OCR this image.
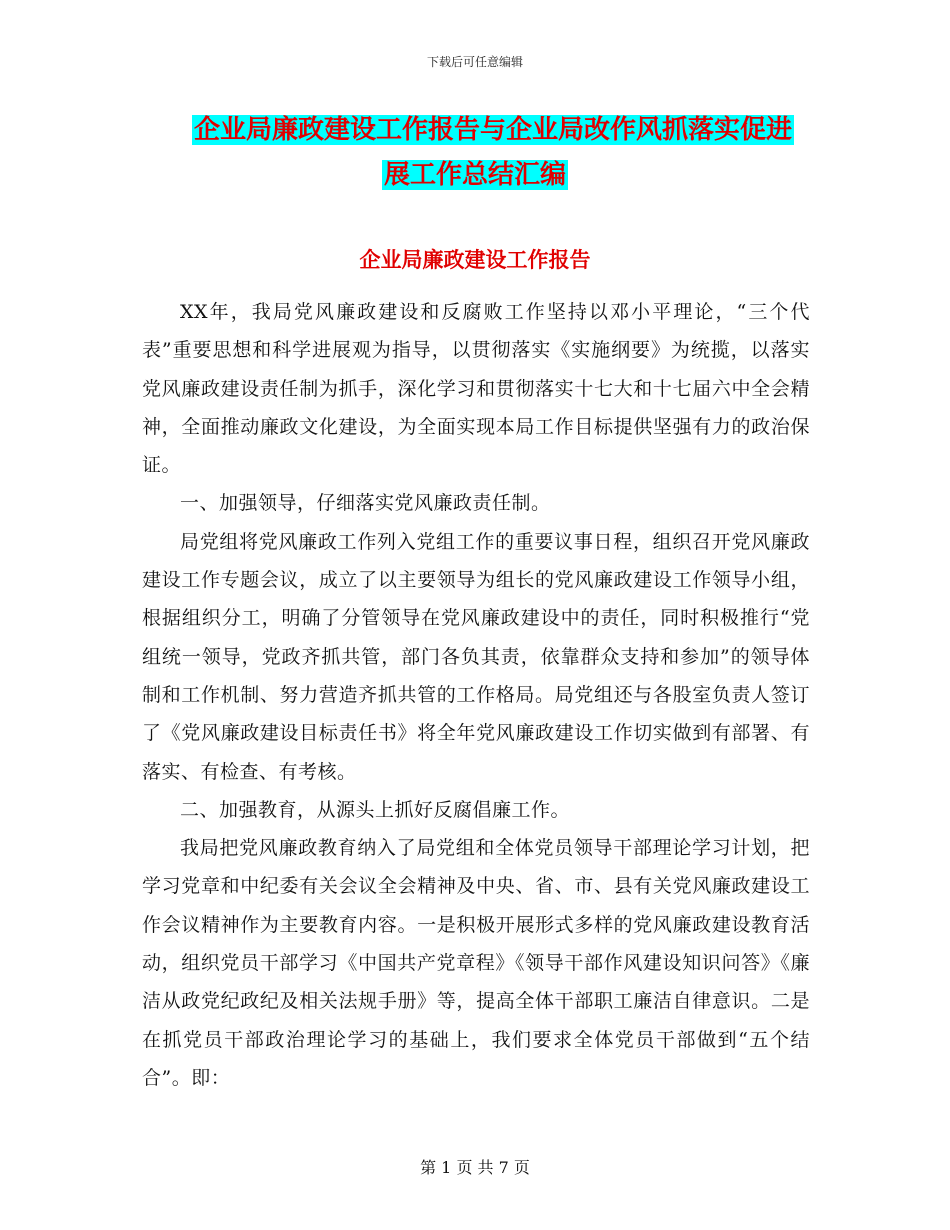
下载后可任意编辑
企业局廉政建设工作报告与企业局改作风抓落实促进
展工作总结汇编
企业局廉政建设工作报告

XX年，我局党风廉政建设和反腐败工作坚持以邓小平理论，“三个代表”重要思想和科学进展观为指导，以贯彻落实《实施纲要》为统揽，以落实党风廉政建设责任制为抓手，深化学习和贯彻落实十七大和十七届六中全会精神，全面推动廉政文化建设，为全面实现本局工作目标提供坚强有力的政治保证。

一、加强领导，仔细落实党风廉政责任制。

局党组将党风廉政工作列入党组工作的重要议事日程，组织召开党风廉政建设工作专题会议，成立了以主要领导为组长的党风廉政建设工作领导小组，根据组织分工，明确了分管领导在党风廉政建设中的责任，同时积极推行“党组统一领导，党政齐抓共管，部门各负其责，依靠群众支持和参加”的领导体制和工作机制、努力营造齐抓共管的工作格局。局党组还与各股室负责人签订了《党风廉政建设目标责任书》将全年党风廉政建设工作切实做到有部署、有落实、有检查、有考核。

二、加强教育，从源头上抓好反腐倡廉工作。

我局把党风廉政教育纳入了局党组和全体党员领导干部理论学习计划，把学习党章和中纪委有关会议全会精神及中央、省、市、县有关党风廉政建设工作会议精神作为主要教育内容。一是积极开展形式多样的党风廉政建设教育活动，组织党员干部学习《中国共产党章程》《领导干部作风建设知识问答》《廉洁从政党纪政纪及相关法规手册》等，提高全体干部职工廉洁自律意识。二是在抓党员干部政治理论学习的基础上，我们要求全体党员干部做到“五个结合”。即：

第 1 页 共 7 页
